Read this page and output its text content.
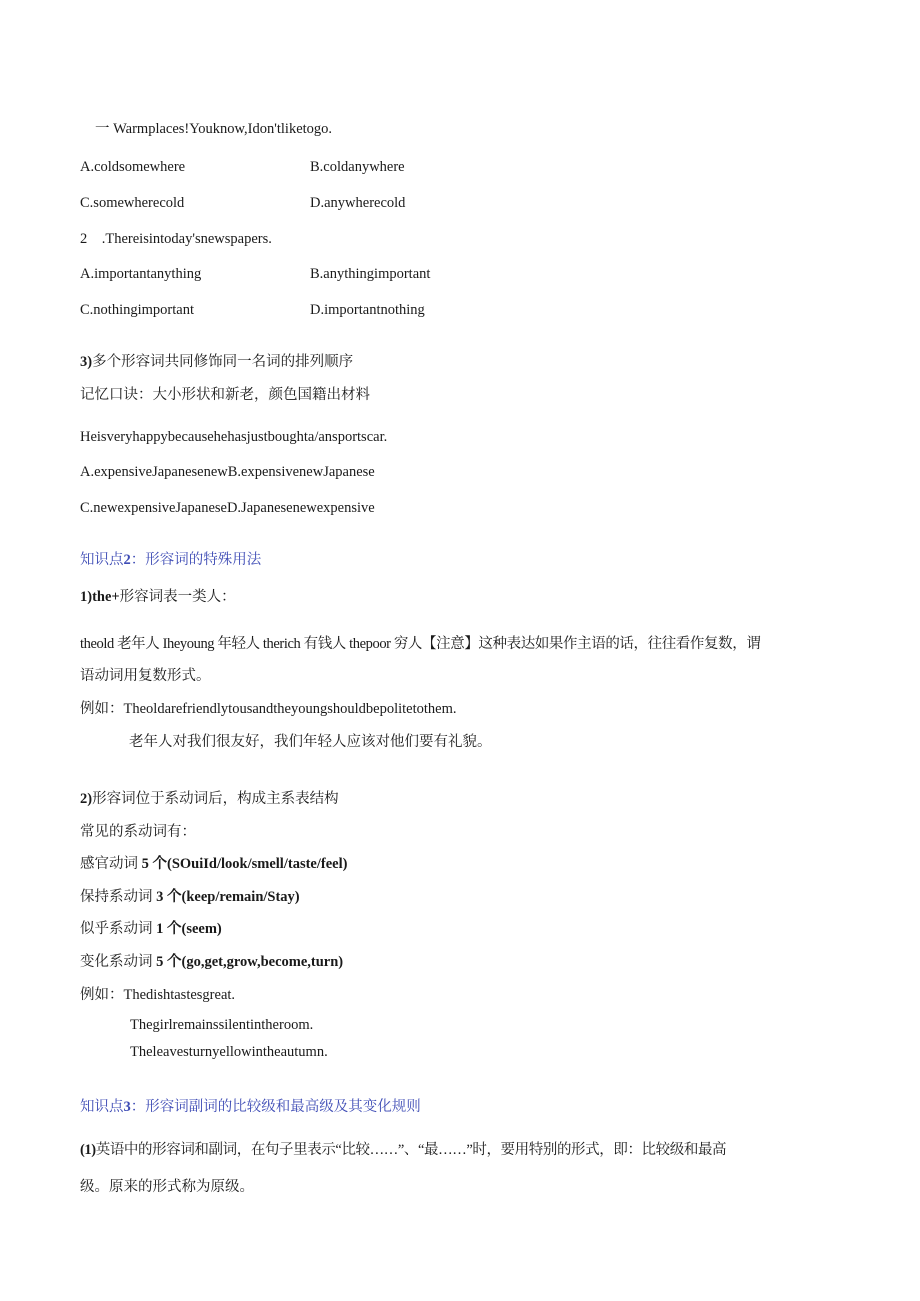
一 Warmplaces!Youknow,Idon'tliketogo.
A.coldsomewhere	B.coldanywhere
C.somewherecold	D.anywherecold
2    .Thereisintoday'snewspapers.
A.importantanything	B.anythingimportant
C.nothingimportant	D.importantnothing
3)多个形容词共同修饰同一名词的排列顺序
记忆口诀：大小形状和新老，颜色国籍出材料
Heisveryhappybecausehehasjustboughta/ansportscar.
A.expensiveJapanesenewB.expensivenewJapanese
C.newexpensiveJapaneseD.Japanesenewexpensive
知识点2：形容词的特殊用法
1)the+形容词表一类人：
theold 老年人 Iheyoung 年轻人 therich 有钱人 thepoor 穷人【注意】这种表达如果作主语的话，往往看作复数，谓
语动词用复数形式。
例如：Theoldarefriendlytousandtheyoungshouldbepolitetothem.
老年人对我们很友好，我们年轻人应该对他们要有礼貌。
2)形容词位于系动词后，构成主系表结构
常见的系动词有：
感官动词 5 个(SOuiId/look/smell/taste/feel)
保持系动词 3 个(keep/remain/Stay)
似乎系动词 1 个(seem)
变化系动词 5 个(go,get,grow,become,turn)
例如：Thedishtastesgreat.
Thegirlremainssilentintheroom.
Theleavesturnyellowintheautumn.
知识点3：形容词副词的比较级和最高级及其变化规则
(1)英语中的形容词和副词，在句子里表示“比较……”、“最……”时，要用特别的形式，即：比较级和最高
级。原来的形式称为原级。
